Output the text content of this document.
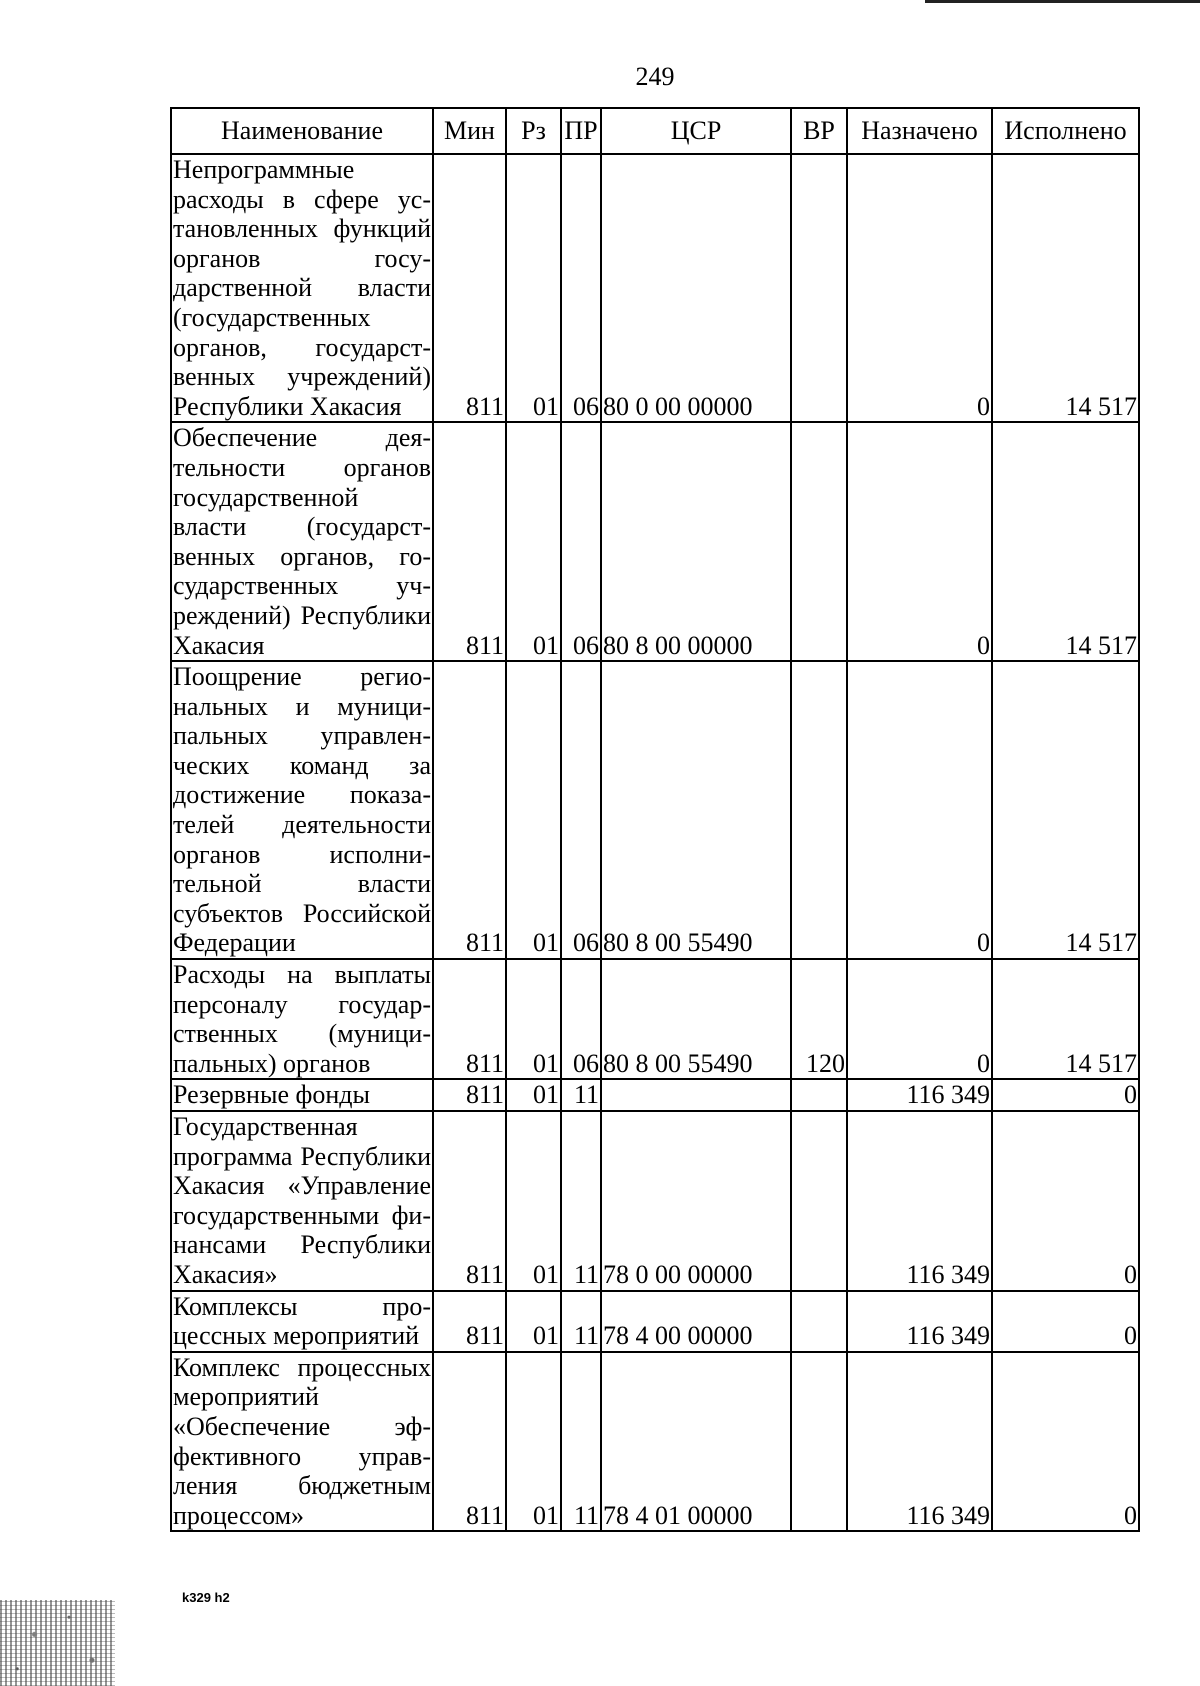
249
Наименование	Мин	Рз	ПР	ЦСР	ВР	Назначено	Исполнено
Непрограммные расходы в сфере установленных функций органов государственной власти (государственных органов, государственных учреждений) Республики Хакасия	811	01	06	80 0 00 00000		0	14 517
Обеспечение деятельности органов государственной власти (государственных органов, государственных учреждений) Республики Хакасия	811	01	06	80 8 00 00000		0	14 517
Поощрение региональных и муниципальных управленческих команд за достижение показателей деятельности органов исполнительной власти субъектов Российской Федерации	811	01	06	80 8 00 55490		0	14 517
Расходы на выплаты персоналу государственных (муниципальных) органов	811	01	06	80 8 00 55490	120	0	14 517
Резервные фонды	811	01	11			116 349	0
Государственная программа Республики Хакасия «Управление государственными финансами Республики Хакасия»	811	01	11	78 0 00 00000		116 349	0
Комплексы процессных мероприятий	811	01	11	78 4 00 00000		116 349	0
Комплекс процессных мероприятий «Обеспечение эффективного управления бюджетным процессом»	811	01	11	78 4 01 00000		116 349	0
k329 h2
